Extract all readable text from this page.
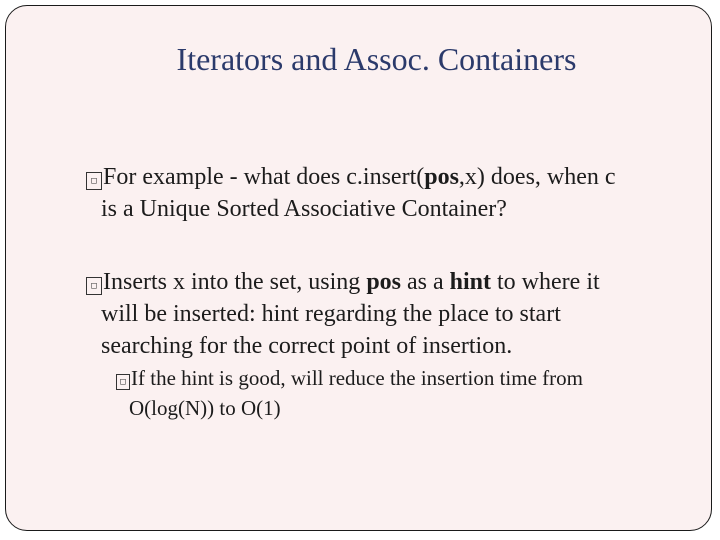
Iterators and Assoc. Containers
□ For example - what does c.insert(pos,x) does, when c
is a Unique Sorted Associative Container?
□ Inserts x into the set, using pos as a hint to where it
will be inserted: hint regarding the place to start
searching for the correct point of insertion.
□ If the hint is good, will reduce the insertion time from
O(log(N)) to O(1)
